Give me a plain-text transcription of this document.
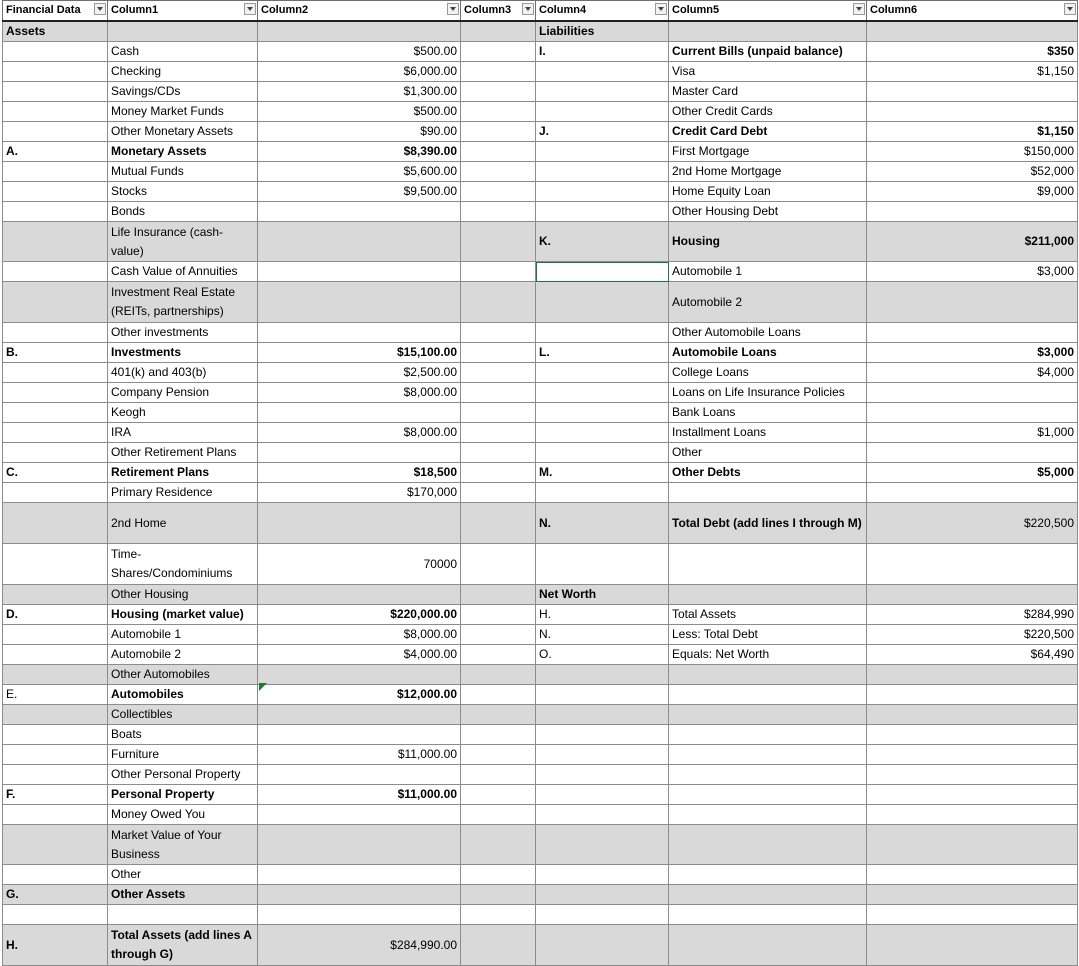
Financial Data	Column1	Column2	Column3	Column4	Column5	Column6

Assets				Liabilities		
	Cash	$500.00		I.	Current Bills (unpaid balance)	$350
	Checking	$6,000.00			Visa	$1,150
	Savings/CDs	$1,300.00			Master Card	
	Money Market Funds	$500.00			Other Credit Cards	
	Other Monetary Assets	$90.00		J.	Credit Card Debt	$1,150
A.	Monetary Assets	$8,390.00			First Mortgage	$150,000
	Mutual Funds	$5,600.00			2nd Home Mortgage	$52,000
	Stocks	$9,500.00			Home Equity Loan	$9,000
	Bonds				Other Housing Debt	
	Life Insurance (cash-value)			K.	Housing	$211,000
	Cash Value of Annuities				Automobile 1	$3,000
	Investment Real Estate (REITs, partnerships)				Automobile 2	
	Other investments				Other Automobile Loans	
B.	Investments	$15,100.00		L.	Automobile Loans	$3,000
	401(k) and 403(b)	$2,500.00			College Loans	$4,000
	Company Pension	$8,000.00			Loans on Life Insurance Policies	
	Keogh				Bank Loans	
	IRA	$8,000.00			Installment Loans	$1,000
	Other Retirement Plans				Other	
C.	Retirement Plans	$18,500		M.	Other Debts	$5,000
	Primary Residence	$170,000				
	2nd Home			N.	Total Debt (add lines I through M)	$220,500
	Time-Shares/Condominiums	70000				
	Other Housing			Net Worth		
D.	Housing (market value)	$220,000.00		H.	Total Assets	$284,990
	Automobile 1	$8,000.00		N.	Less: Total Debt	$220,500
	Automobile 2	$4,000.00		O.	Equals: Net Worth	$64,490
	Other Automobiles					
E.	Automobiles	$12,000.00				
	Collectibles					
	Boats					
	Furniture	$11,000.00				
	Other Personal Property					
F.	Personal Property	$11,000.00				
	Money Owed You					
	Market Value of Your Business					
	Other					
G.	Other Assets					

H.	Total Assets (add lines A through G)	$284,990.00				
